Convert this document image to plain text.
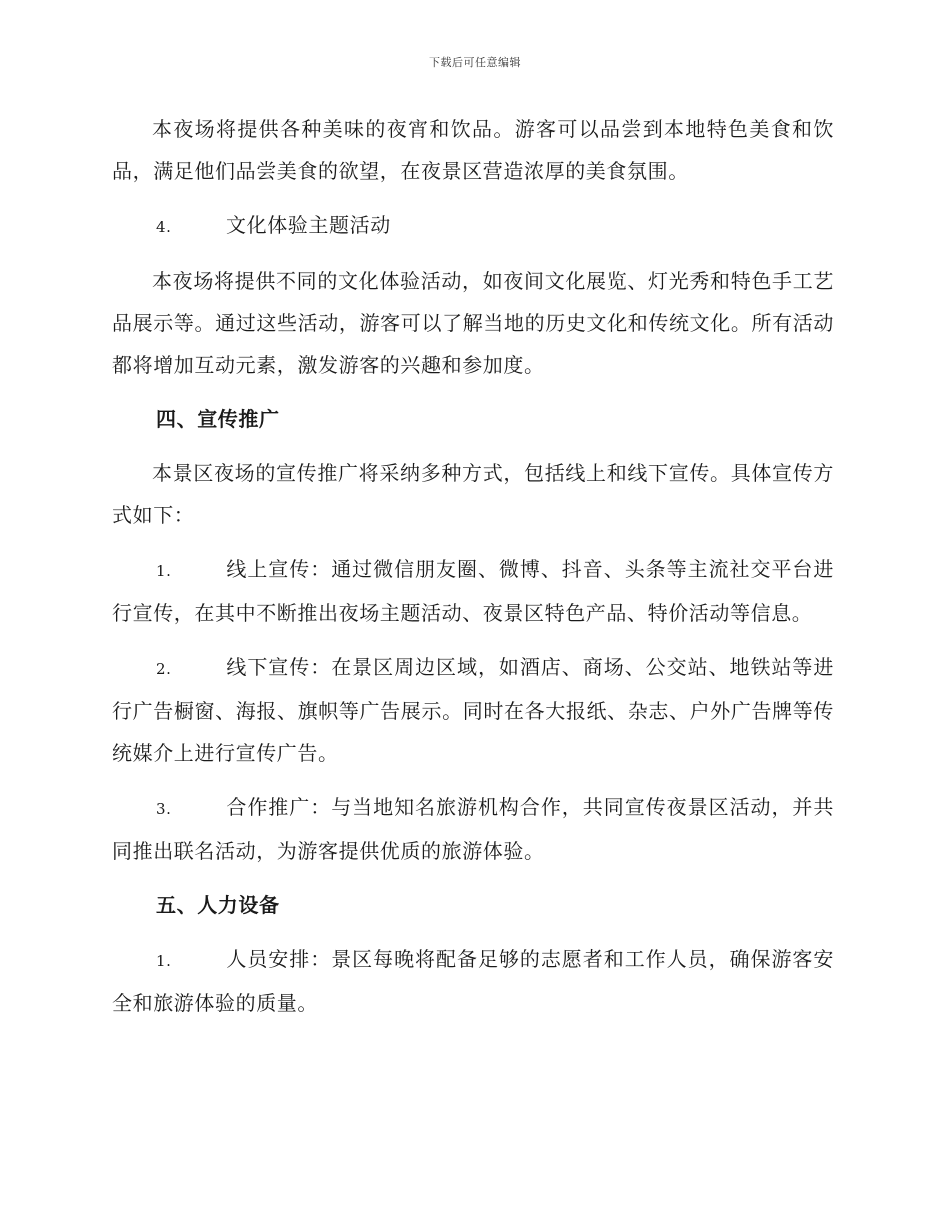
下载后可任意编辑

本夜场将提供各种美味的夜宵和饮品。游客可以品尝到本地特色美食和饮品，满足他们品尝美食的欲望，在夜景区营造浓厚的美食氛围。

4.	文化体验主题活动

本夜场将提供不同的文化体验活动，如夜间文化展览、灯光秀和特色手工艺品展示等。通过这些活动，游客可以了解当地的历史文化和传统文化。所有活动都将增加互动元素，激发游客的兴趣和参加度。

四、宣传推广

本景区夜场的宣传推广将采纳多种方式，包括线上和线下宣传。具体宣传方式如下：

1.	线上宣传：通过微信朋友圈、微博、抖音、头条等主流社交平台进行宣传，在其中不断推出夜场主题活动、夜景区特色产品、特价活动等信息。

2.	线下宣传：在景区周边区域，如酒店、商场、公交站、地铁站等进行广告橱窗、海报、旗帜等广告展示。同时在各大报纸、杂志、户外广告牌等传统媒介上进行宣传广告。

3.	合作推广：与当地知名旅游机构合作，共同宣传夜景区活动，并共同推出联名活动，为游客提供优质的旅游体验。

五、人力设备

1.	人员安排：景区每晚将配备足够的志愿者和工作人员，确保游客安全和旅游体验的质量。
